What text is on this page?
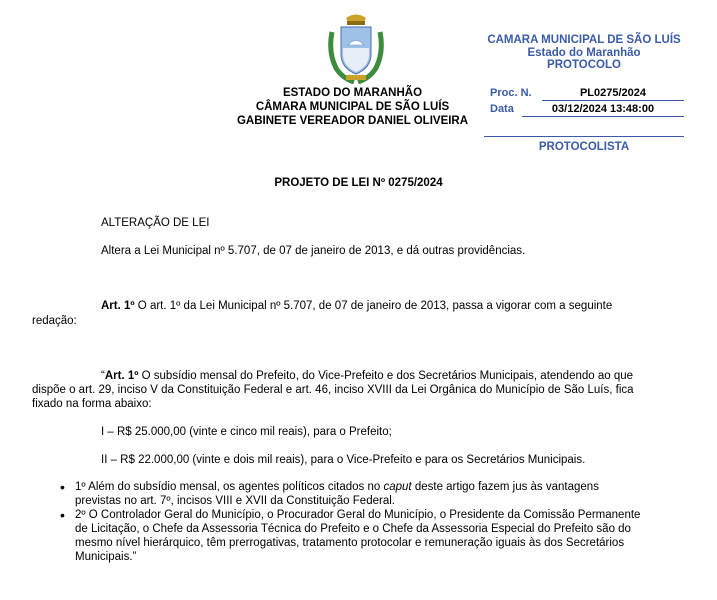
ESTADO DO MARANHÃO
CÂMARA MUNICIPAL DE SÃO LUÍS
GABINETE VEREADOR DANIEL OLIVEIRA
CAMARA MUNICIPAL DE SÃO LUÍS
Estado do Maranhão
PROTOCOLO
Proc. N.	PL0275/2024
Data	03/12/2024 13:48:00
PROTOCOLISTA
PROJETO DE LEI Nº 0275/2024
ALTERAÇÃO DE LEI
Altera a Lei Municipal nº 5.707, de 07 de janeiro de 2013, e dá outras providências.
Art. 1º O art. 1º da Lei Municipal nº 5.707, de 07 de janeiro de 2013, passa a vigorar com a seguinte
redação:
“Art. 1º O subsídio mensal do Prefeito, do Vice-Prefeito e dos Secretários Municipais, atendendo ao que
dispõe o art. 29, inciso V da Constituição Federal e art. 46, inciso XVIII da Lei Orgânica do Município de São Luís, fica
fixado na forma abaixo:
I – R$ 25.000,00 (vinte e cinco mil reais), para o Prefeito;
II – R$ 22.000,00 (vinte e dois mil reais), para o Vice-Prefeito e para os Secretários Municipais.
• 1º Além do subsídio mensal, os agentes políticos citados no caput deste artigo fazem jus às vantagens
previstas no art. 7º, incisos VIII e XVII da Constituição Federal.
• 2º O Controlador Geral do Município, o Procurador Geral do Município, o Presidente da Comissão Permanente
de Licitação, o Chefe da Assessoria Técnica do Prefeito e o Chefe da Assessoria Especial do Prefeito são do
mesmo nível hierárquico, têm prerrogativas, tratamento protocolar e remuneração iguais às dos Secretários
Municipais.”
